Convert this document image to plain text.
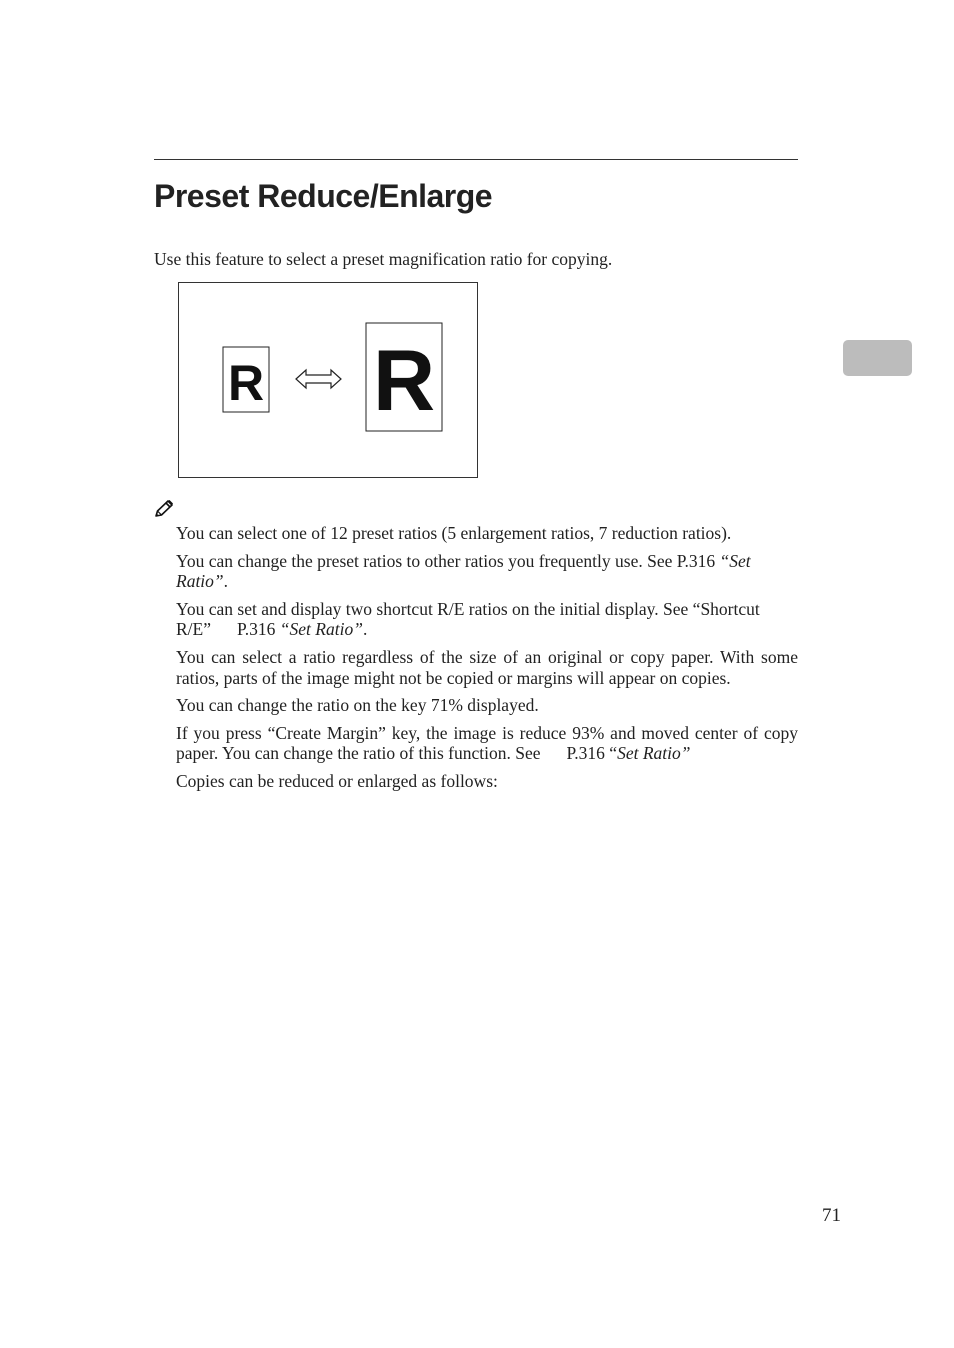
Preset Reduce/Enlarge

Use this feature to select a preset magnification ratio for copying.

R R
You can select one of 12 preset ratios (5 enlargement ratios, 7 reduction ratios).
You can change the preset ratios to other ratios you frequently use. See P.316 “Set Ratio”.
You can set and display two shortcut R/E ratios on the initial display. See “Shortcut R/E” P.316 “Set Ratio”.
You can select a ratio regardless of the size of an original or copy paper. With some ratios, parts of the image might not be copied or margins will appear on copies.
You can change the ratio on the key 71% displayed.
If you press “Create Margin” key, the image is reduce 93% and moved center of copy paper. You can change the ratio of this function. See P.316 “Set Ratio”
Copies can be reduced or enlarged as follows:
71
